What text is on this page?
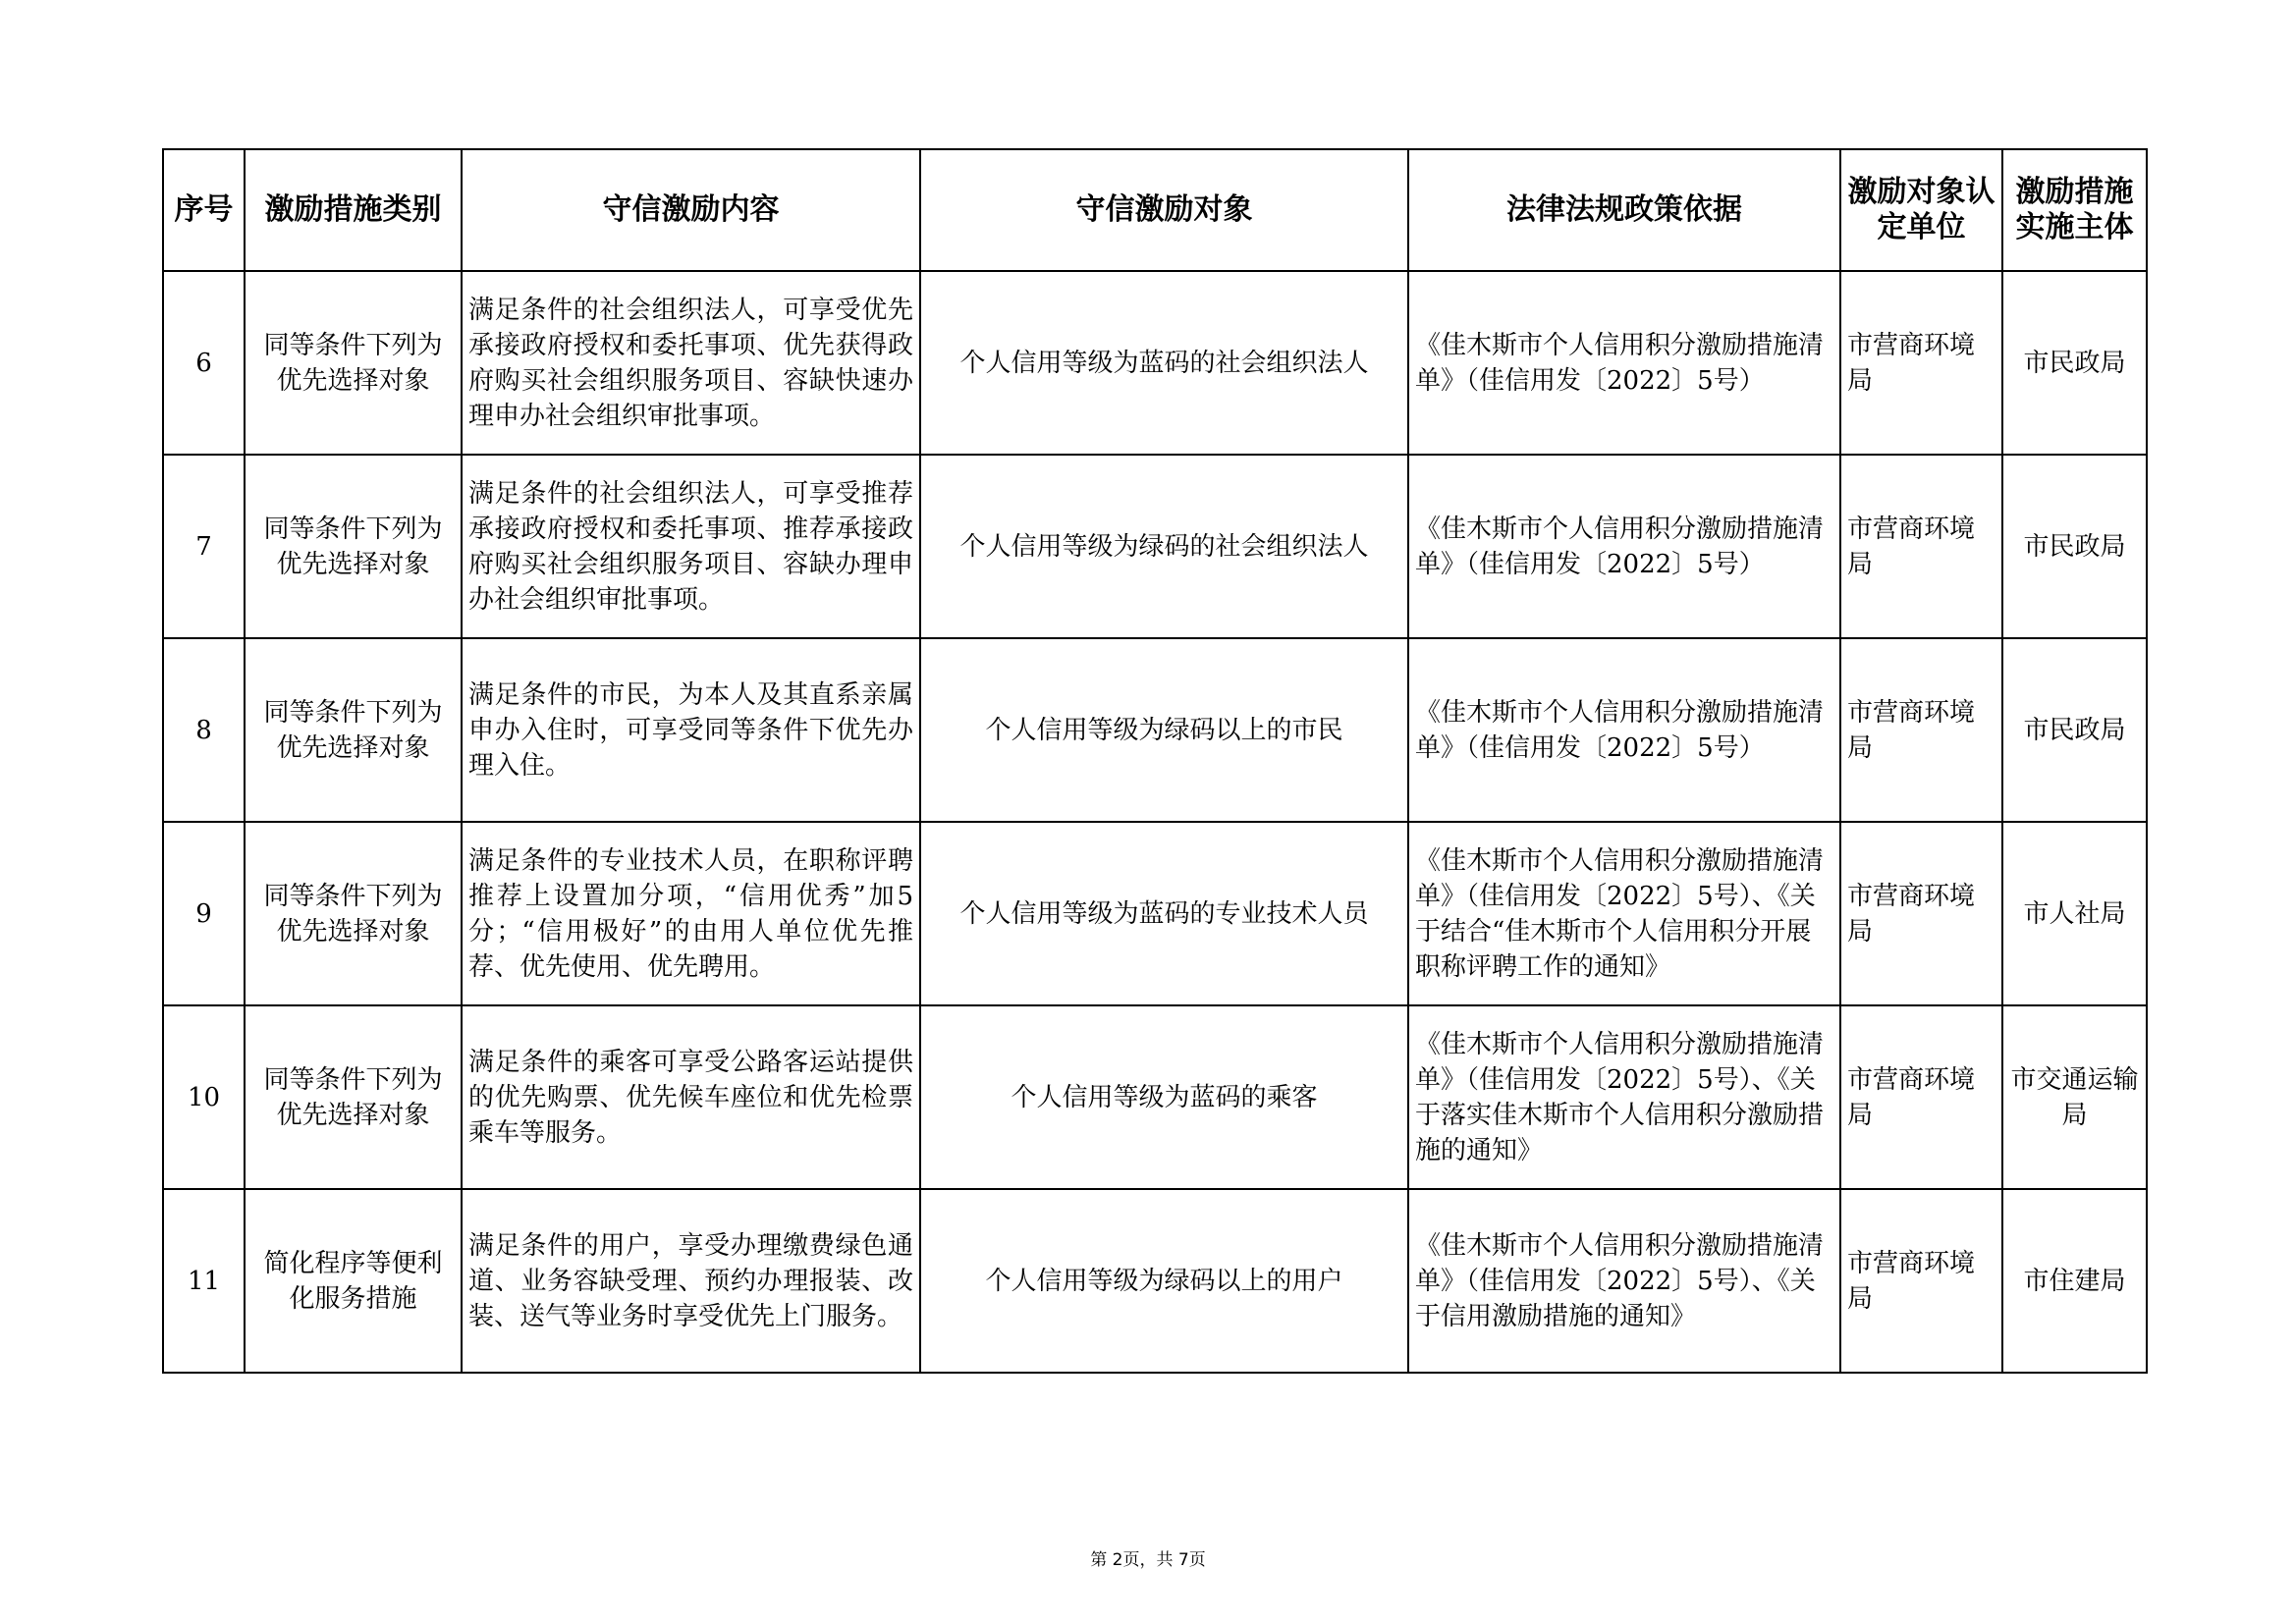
序号	激励措施类别	守信激励内容	守信激励对象	法律法规政策依据	激励对象认定单位	激励措施实施主体
6	同等条件下列为优先选择对象	满足条件的社会组织法人，可享受优先承接政府授权和委托事项、优先获得政府购买社会组织服务项目、容缺快速办理申办社会组织审批事项。	个人信用等级为蓝码的社会组织法人	《佳木斯市个人信用积分激励措施清单》（佳信用发〔2022〕5号）	市营商环境局	市民政局
7	同等条件下列为优先选择对象	满足条件的社会组织法人，可享受推荐承接政府授权和委托事项、推荐承接政府购买社会组织服务项目、容缺办理申办社会组织审批事项。	个人信用等级为绿码的社会组织法人	《佳木斯市个人信用积分激励措施清单》（佳信用发〔2022〕5号）	市营商环境局	市民政局
8	同等条件下列为优先选择对象	满足条件的市民，为本人及其直系亲属申办入住时，可享受同等条件下优先办理入住。	个人信用等级为绿码以上的市民	《佳木斯市个人信用积分激励措施清单》（佳信用发〔2022〕5号）	市营商环境局	市民政局
9	同等条件下列为优先选择对象	满足条件的专业技术人员，在职称评聘推荐上设置加分项，“信用优秀”加5分；“信用极好”的由用人单位优先推荐、优先使用、优先聘用。	个人信用等级为蓝码的专业技术人员	《佳木斯市个人信用积分激励措施清单》（佳信用发〔2022〕5号）、《关于结合“佳木斯市个人信用积分开展职称评聘工作的通知》	市营商环境局	市人社局
10	同等条件下列为优先选择对象	满足条件的乘客可享受公路客运站提供的优先购票、优先候车座位和优先检票乘车等服务。	个人信用等级为蓝码的乘客	《佳木斯市个人信用积分激励措施清单》（佳信用发〔2022〕5号）、《关于落实佳木斯市个人信用积分激励措施的通知》	市营商环境局	市交通运输局
11	简化程序等便利化服务措施	满足条件的用户，享受办理缴费绿色通道、业务容缺受理、预约办理报装、改装、送气等业务时享受优先上门服务。	个人信用等级为绿码以上的用户	《佳木斯市个人信用积分激励措施清单》（佳信用发〔2022〕5号）、《关于信用激励措施的通知》	市营商环境局	市住建局
第 2页，共 7页
